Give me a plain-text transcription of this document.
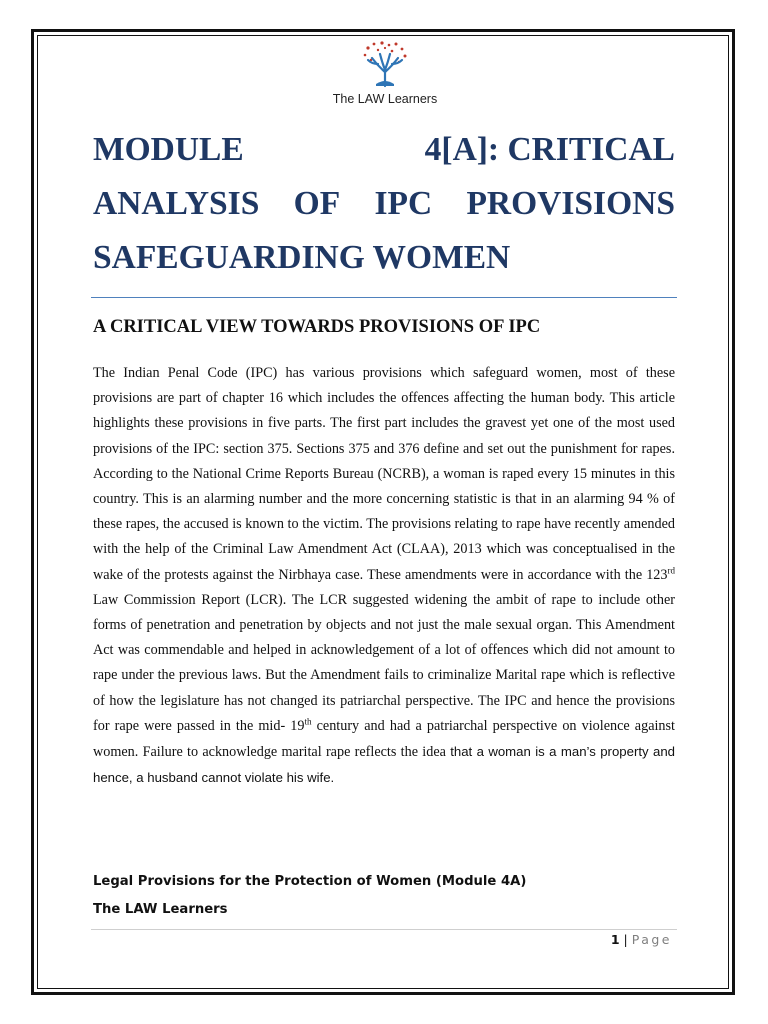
The LAW Learners
MODULE	4[A]: CRITICAL
ANALYSIS OF IPC PROVISIONS
SAFEGUARDING WOMEN
A CRITICAL VIEW TOWARDS PROVISIONS OF IPC
The Indian Penal Code (IPC) has various provisions which safeguard women, most of these provisions are part of chapter 16 which includes the offences affecting the human body. This article highlights these provisions in five parts. The first part includes the gravest yet one of the most used provisions of the IPC: section 375. Sections 375 and 376 define and set out the punishment for rapes. According to the National Crime Reports Bureau (NCRB), a woman is raped every 15 minutes in this country. This is an alarming number and the more concerning statistic is that in an alarming 94 % of these rapes, the accused is known to the victim. The provisions relating to rape have recently amended with the help of the Criminal Law Amendment Act (CLAA), 2013 which was conceptualised in the wake of the protests against the Nirbhaya case. These amendments were in accordance with the 123rd Law Commission Report (LCR). The LCR suggested widening the ambit of rape to include other forms of penetration and penetration by objects and not just the male sexual organ. This Amendment Act was commendable and helped in acknowledgement of a lot of offences which did not amount to rape under the previous laws. But the Amendment fails to criminalize Marital rape which is reflective of how the legislature has not changed its patriarchal perspective. The IPC and hence the provisions for rape were passed in the mid- 19th century and had a patriarchal perspective on violence against women. Failure to acknowledge marital rape reflects the idea that a woman is a man’s property and hence, a husband cannot violate his wife.
Legal Provisions for the Protection of Women (Module 4A)
The LAW Learners
1 | Page
